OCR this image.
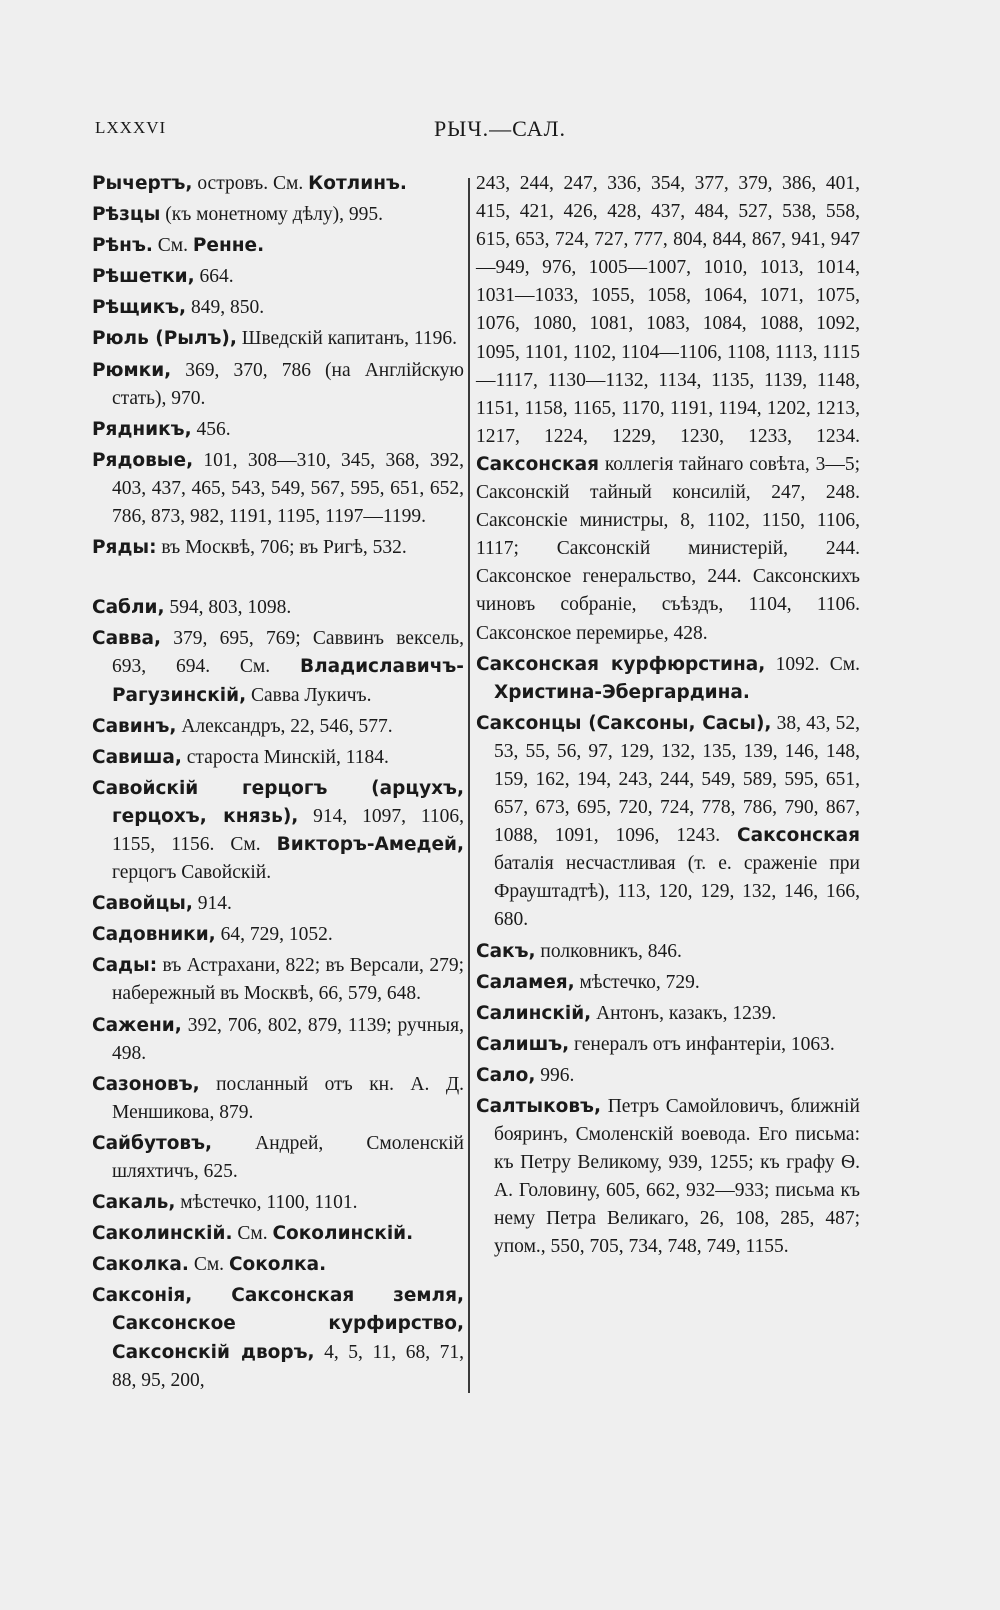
LXXXVI	РЫЧ.—САЛ.
Рычертъ, островъ. См. Котлинъ.
Рѣзцы (къ монетному дѣлу), 995.
Рѣнъ. См. Ренне.
Рѣшетки, 664.
Рѣщикъ, 849, 850.
Рюль (Рылъ), Шведскій капитанъ, 1196.
Рюмки, 369, 370, 786 (на Англійскую стать), 970.
Рядникъ, 456.
Рядовые, 101, 308—310, 345, 368, 392, 403, 437, 465, 543, 549, 567, 595, 651, 652, 786, 873, 982, 1191, 1195, 1197—1199.
Ряды: въ Москвѣ, 706; въ Ригѣ, 532.
Сабли, 594, 803, 1098.
Савва, 379, 695, 769; Саввинъ вексель, 693, 694. См. Владиславичъ-Рагузинскій, Савва Лукичъ.
Савинъ, Александръ, 22, 546, 577.
Савиша, староста Минскій, 1184.
Савойскій герцогъ (арцухъ, герцохъ, князь), 914, 1097, 1106, 1155, 1156. См. Викторъ-Амедей, герцогъ Савойскій.
Савойцы, 914.
Садовники, 64, 729, 1052.
Сады: въ Астрахани, 822; въ Версали, 279; набережный въ Москвѣ, 66, 579, 648.
Сажени, 392, 706, 802, 879, 1139; ручныя, 498.
Сазоновъ, посланный отъ кн. А. Д. Меншикова, 879.
Сайбутовъ, Андрей, Смоленскій шляхтичъ, 625.
Сакаль, мѣстечко, 1100, 1101.
Саколинскій. См. Соколинскій.
Саколка. См. Соколка.
Саксонія, Саксонская земля, Саксонское курфирство, Саксонскій дворъ, 4, 5, 11, 68, 71, 88, 95, 200,
243, 244, 247, 336, 354, 377, 379, 386, 401, 415, 421, 426, 428, 437, 484, 527, 538, 558, 615, 653, 724, 727, 777, 804, 844, 867, 941, 947—949, 976, 1005—1007, 1010, 1013, 1014, 1031—1033, 1055, 1058, 1064, 1071, 1075, 1076, 1080, 1081, 1083, 1084, 1088, 1092, 1095, 1101, 1102, 1104—1106, 1108, 1113, 1115—1117, 1130—1132, 1134, 1135, 1139, 1148, 1151, 1158, 1165, 1170, 1191, 1194, 1202, 1213, 1217, 1224, 1229, 1230, 1233, 1234. Саксонская коллегія тайнаго совѣта, 3—5; Саксонскій тайный консилій, 247, 248. Саксонскіе министры, 8, 1102, 1150, 1106, 1117; Саксонскій министерій, 244. Саксонское генеральство, 244. Саксонскихъ чиновъ собраніе, съѣздъ, 1104, 1106. Саксонское перемирье, 428.
Саксонская курфюрстина, 1092. См. Христина-Эбергардина.
Саксонцы (Саксоны, Сасы), 38, 43, 52, 53, 55, 56, 97, 129, 132, 135, 139, 146, 148, 159, 162, 194, 243, 244, 549, 589, 595, 651, 657, 673, 695, 720, 724, 778, 786, 790, 867, 1088, 1091, 1096, 1243. Саксонская баталія несчастливая (т. е. сраженіе при Фрауштадтѣ), 113, 120, 129, 132, 146, 166, 680.
Сакъ, полковникъ, 846.
Саламея, мѣстечко, 729.
Салинскій, Антонъ, казакъ, 1239.
Салишъ, генералъ отъ инфантеріи, 1063.
Сало, 996.
Салтыковъ, Петръ Самойловичъ, ближній бояринъ, Смоленскій воевода. Его письма: къ Петру Великому, 939, 1255; къ графу Ѳ. А. Головину, 605, 662, 932—933; письма къ нему Петра Великаго, 26, 108, 285, 487; упом., 550, 705, 734, 748, 749, 1155.
